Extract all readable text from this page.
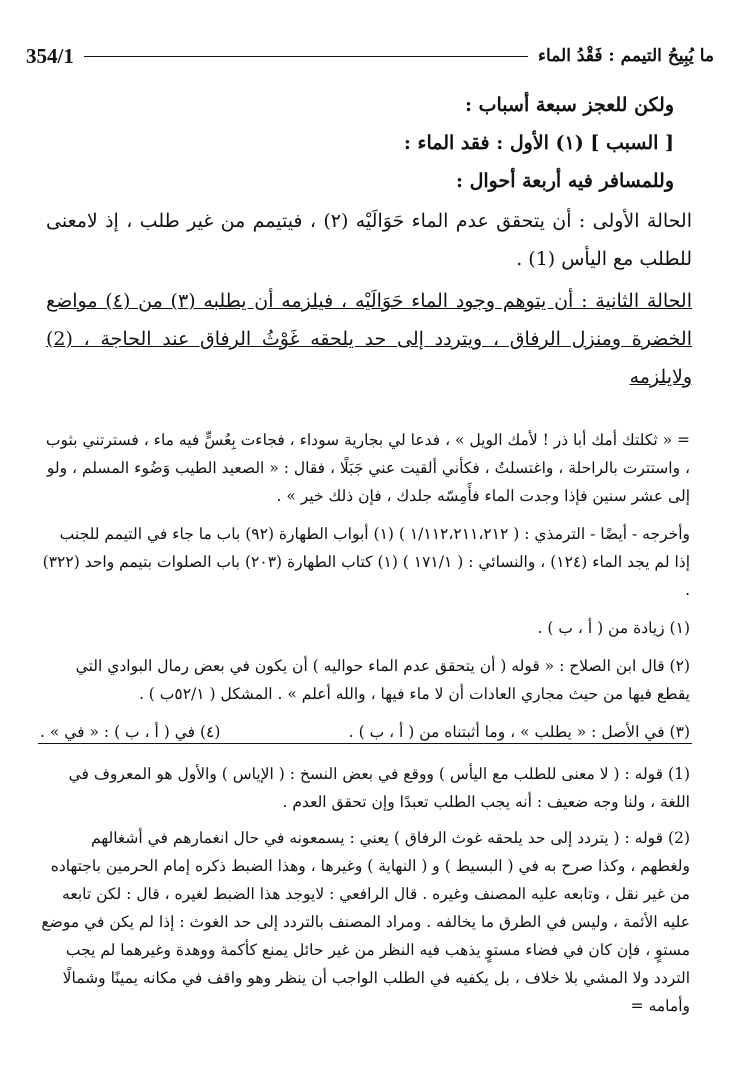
354/1	ما يُبِيحُ التيمم : فَقْدُ الماء
ولكن للعجز سبعة أسباب :
[ السبب ] (١) الأول : فقد الماء :
وللمسافر فيه أربعة أحوال :
الحالة الأولى : أن يتحقق عدم الماء حَوَالَيْه (٢) ، فيتيمم من غير طلب ، إذ لامعنى للطلب مع اليأس (1) .
الحالة الثانية : أن يتوهم وجود الماء حَوَالَيْه ، فيلزمه أن يطلبه (٣) من (٤) مواضع الخضرة ومنزل الرفاق ، ويتردد إلى حد يلحقه غَوْثُ الرفاق عند الحاجة ، (2) ولايلزمه

= « ثكلتك أمك أبا ذر ! لأمك الويل » ، فدعا لي بجارية سوداء ، فجاءت بِعُسٍّ فيه ماء ، فسترتني بثوب ، واستترت بالراحلة ، واغتسلتُ ، فكأني ألقيت عني جَبَلًا ، فقال : « الصعيد الطيب وَضُوء المسلم ، ولو إلى عشر سنين فإذا وجدت الماء فأَمِسّه جلدك ، فإن ذلك خير » .

وأخرجه - أيضًا - الترمذي : ( ١/١١٢،٢١١،٢١٢ ) (١) أبواب الطهارة (٩٢) باب ما جاء في التيمم للجنب إذا لم يجد الماء (١٢٤) ، والنسائي : ( ١٧١/١ ) (١) كتاب الطهارة (٢٠٣) باب الصلوات بتيمم واحد (٣٢٢) .

(١) زيادة من ( أ ، ب ) .

(٢) قال ابن الصلاح : « قوله ( أن يتحقق عدم الماء حواليه ) أن يكون في بعض رمال البوادي التي يقطع فيها من حيث مجاري العادات أن لا ماء فيها ، والله أعلم » . المشكل ( ٥٢/١ب ) .

(٣) في الأصل : « يطلب » ، وما أثبتناه من ( أ ، ب ) .
(٤) في ( أ ، ب ) : « في » .

(1) قوله : ( لا معنى للطلب مع اليأس ) ووقع في بعض النسخ : ( الإياس ) والأول هو المعروف في اللغة ، ولنا وجه ضعيف : أنه يجب الطلب تعبدًا وإن تحقق العدم .

(2) قوله : ( يتردد إلى حد يلحقه غوث الرفاق ) يعني : يسمعونه في حال انغمارهم في أشغالهم ولغطهم ، وكذا صرح به في ( البسيط ) و ( النهاية ) وغيرها ، وهذا الضبط ذكره إمام الحرمين باجتهاده من غير نقل ، وتابعه عليه المصنف وغيره . قال الرافعي : لايوجد هذا الضبط لغيره ، قال : لكن تابعه عليه الأئمة ، وليس في الطرق ما يخالفه . ومراد المصنف بالتردد إلى حد الغوث : إذا لم يكن في موضع مستوٍ ، فإن كان في فضاء مستوٍ يذهب فيه النظر من غير حائل يمنع كأكمة ووهدة وغيرهما لم يجب التردد ولا المشي بلا خلاف ، بل يكفيه في الطلب الواجب أن ينظر وهو واقف في مكانه يمينًا وشمالًا وأمامه =
